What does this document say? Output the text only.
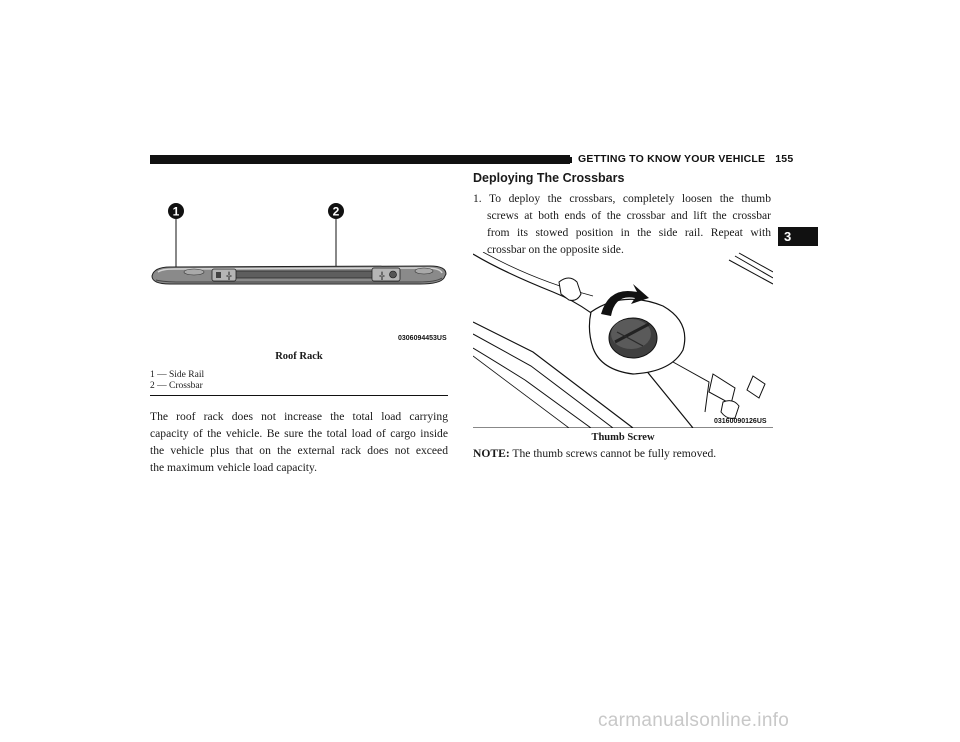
GETTING TO KNOW YOUR VEHICLE 155
3
1	2
╬	╬
0306094453US
Roof Rack
1 — Side Rail
2 — Crossbar
The roof rack does not increase the total load carrying
capacity of the vehicle. Be sure the total load of cargo inside
the vehicle plus that on the external rack does not exceed
the maximum vehicle load capacity.
Deploying The Crossbars
1. To deploy the crossbars, completely loosen the thumb
screws at both ends of the crossbar and lift the crossbar
from its stowed position in the side rail. Repeat with
crossbar on the opposite side.
03160090126US
Thumb Screw
NOTE: The thumb screws cannot be fully removed.
carmanualsonline.info
